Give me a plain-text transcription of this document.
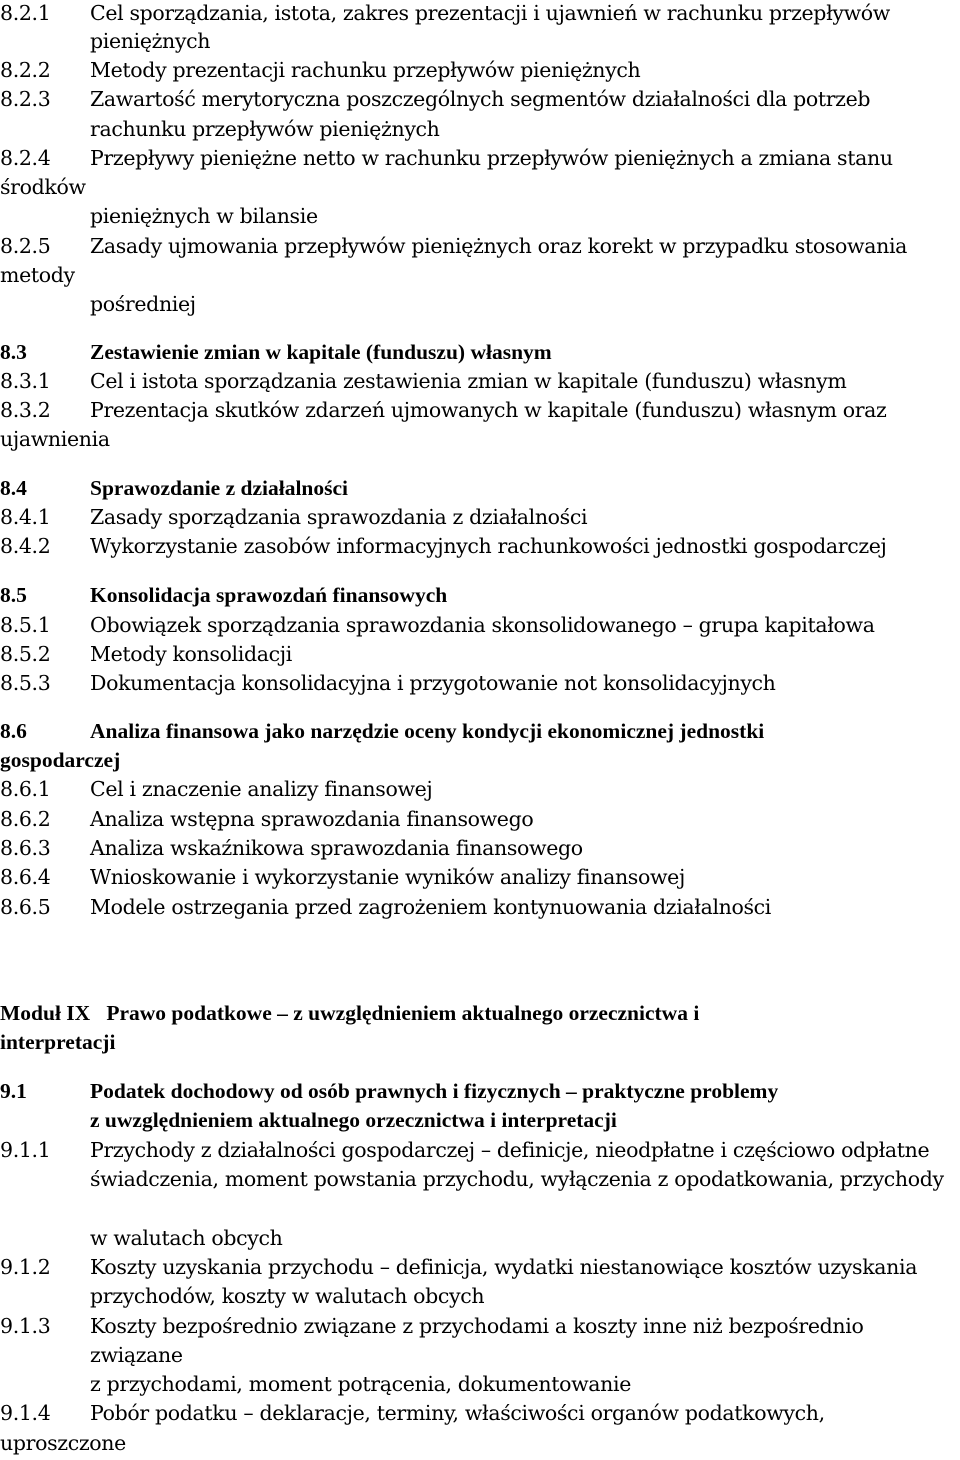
8.2.1 Cel sporządzania, istota, zakres prezentacji i ujawnień w rachunku przepływów
pieniężnych
8.2.2 Metody prezentacji rachunku przepływów pieniężnych
8.2.3 Zawartość merytoryczna poszczególnych segmentów działalności dla potrzeb
rachunku przepływów pieniężnych
8.2.4 Przepływy pieniężne netto w rachunku przepływów pieniężnych a zmiana stanu
środków
pieniężnych w bilansie
8.2.5 Zasady ujmowania przepływów pieniężnych oraz korekt w przypadku stosowania
metody
pośredniej
8.3	Zestawienie zmian w kapitale (funduszu) własnym
8.3.1 Cel i istota sporządzania zestawienia zmian w kapitale (funduszu) własnym
8.3.2 Prezentacja skutków zdarzeń ujmowanych w kapitale (funduszu) własnym oraz
ujawnienia
8.4	Sprawozdanie z działalności
8.4.1 Zasady sporządzania sprawozdania z działalności
8.4.2 Wykorzystanie zasobów informacyjnych rachunkowości jednostki gospodarczej
8.5	Konsolidacja sprawozdań finansowych
8.5.1 Obowiązek sporządzania sprawozdania skonsolidowanego – grupa kapitałowa
8.5.2 Metody konsolidacji
8.5.3 Dokumentacja konsolidacyjna i przygotowanie not konsolidacyjnych
8.6	Analiza finansowa jako narzędzie oceny kondycji ekonomicznej jednostki
gospodarczej
8.6.1 Cel i znaczenie analizy finansowej
8.6.2 Analiza wstępna sprawozdania finansowego
8.6.3 Analiza wskaźnikowa sprawozdania finansowego
8.6.4 Wnioskowanie i wykorzystanie wyników analizy finansowej
8.6.5 Modele ostrzegania przed zagrożeniem kontynuowania działalności
Moduł IX   Prawo podatkowe – z uwzględnieniem aktualnego orzecznictwa i
interpretacji
9.1	Podatek dochodowy od osób prawnych i fizycznych – praktyczne problemy
z uwzględnieniem aktualnego orzecznictwa i interpretacji
9.1.1 Przychody z działalności gospodarczej – definicje, nieodpłatne i częściowo odpłatne
świadczenia, moment powstania przychodu, wyłączenia z opodatkowania, przychody
w walutach obcych
9.1.2 Koszty uzyskania przychodu – definicja, wydatki niestanowiące kosztów uzyskania
przychodów, koszty w walutach obcych
9.1.3 Koszty bezpośrednio związane z przychodami a koszty inne niż bezpośrednio
związane
z przychodami, moment potrącenia, dokumentowanie
9.1.4 Pobór podatku – deklaracje, terminy, właściwości organów podatkowych,
uproszczone
